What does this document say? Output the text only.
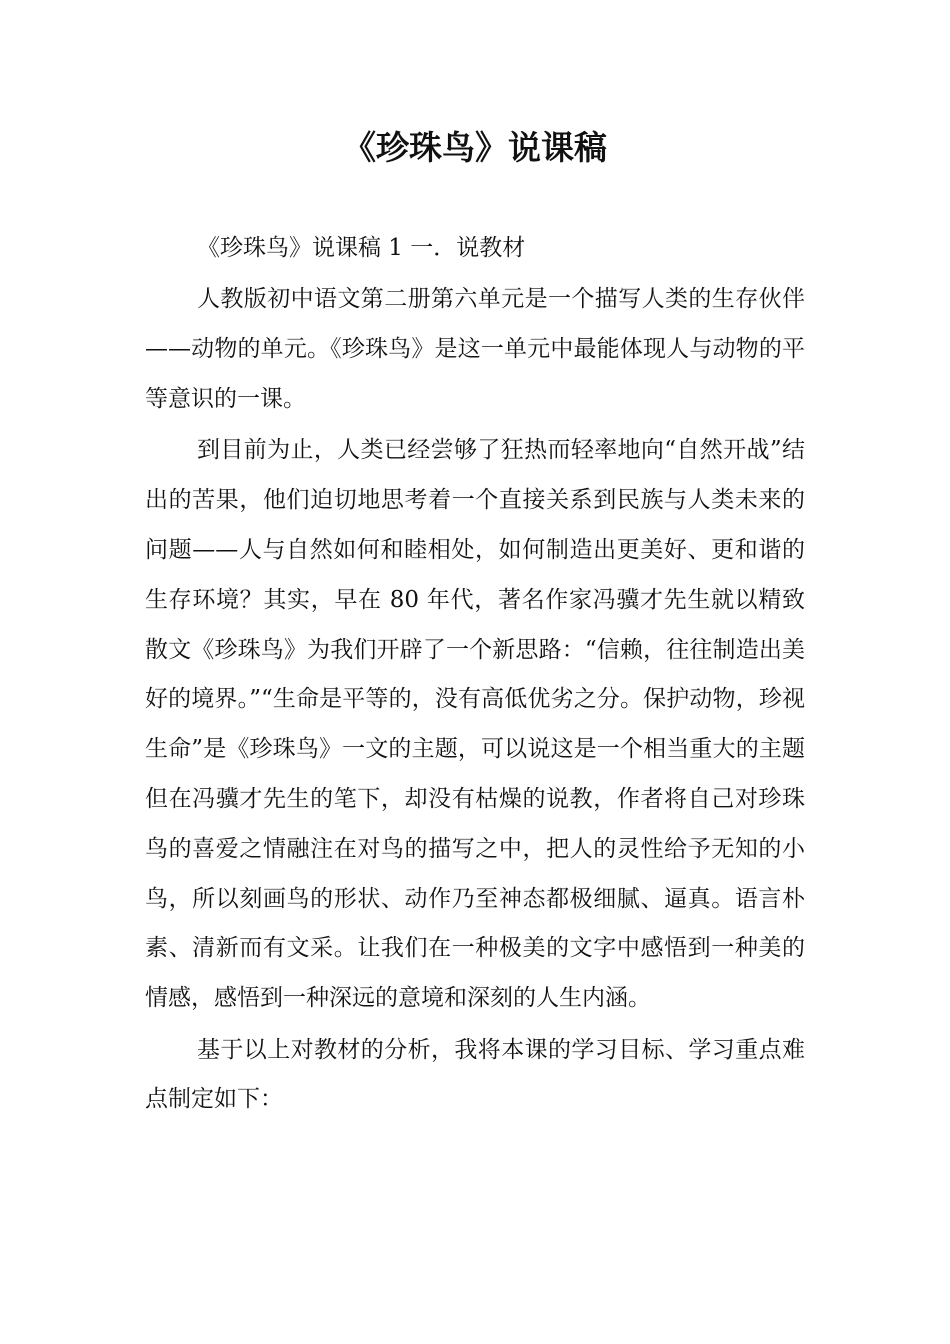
《珍珠鸟》说课稿

《珍珠鸟》说课稿 1 一．说教材

人教版初中语文第二册第六单元是一个描写人类的生存伙伴——动物的单元。《珍珠鸟》是这一单元中最能体现人与动物的平等意识的一课。

到目前为止，人类已经尝够了狂热而轻率地向“自然开战”结出的苦果，他们迫切地思考着一个直接关系到民族与人类未来的问题——人与自然如何和睦相处，如何制造出更美好、更和谐的生存环境？其实，早在 80 年代，著名作家冯骥才先生就以精致散文《珍珠鸟》为我们开辟了一个新思路：“信赖，往往制造出美好的境界。”“生命是平等的，没有高低优劣之分。保护动物，珍视生命”是《珍珠鸟》一文的主题，可以说这是一个相当重大的主题但在冯骥才先生的笔下，却没有枯燥的说教，作者将自己对珍珠鸟的喜爱之情融注在对鸟的描写之中，把人的灵性给予无知的小鸟，所以刻画鸟的形状、动作乃至神态都极细腻、逼真。语言朴素、清新而有文采。让我们在一种极美的文字中感悟到一种美的情感，感悟到一种深远的意境和深刻的人生内涵。

基于以上对教材的分析，我将本课的学习目标、学习重点难点制定如下：
